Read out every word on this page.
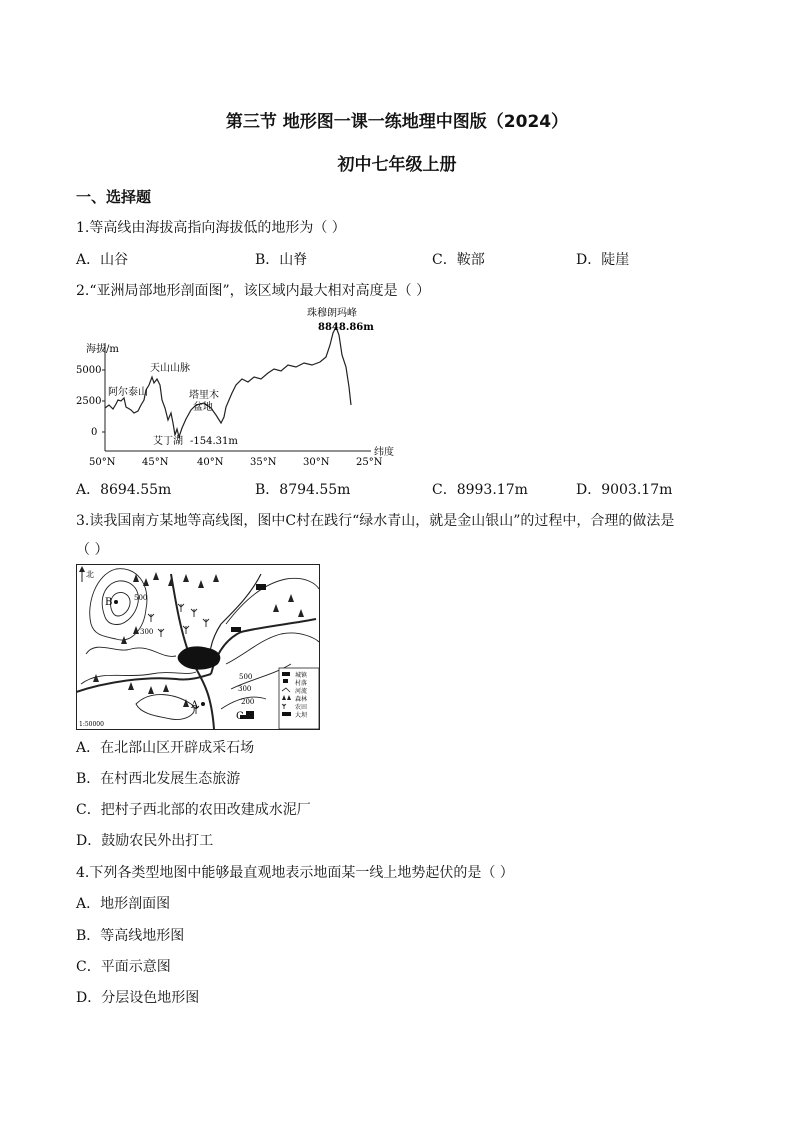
第三节 地形图一课一练地理中图版（2024）
初中七年级上册
一、选择题
1.等高线由海拔高指向海拔低的地形为（ ）
A．山谷	B．山脊	C．鞍部	D．陡崖
2.“亚洲局部地形剖面图”，该区域内最大相对高度是（ ）
海拔/m
5000
2500
0
50°N	45°N	40°N	35°N	30°N	25°N
纬度
珠穆朗玛峰
8848.86m
阿尔泰山
天山山脉
塔里木
盆地
艾丁湖 -154.31m
A．8694.55m	B．8794.55m	C．8993.17m	D．9003.17m
3.读我国南方某地等高线图，图中C村在践行“绿水青山，就是金山银山”的过程中，合理的做法是
（ ）
北
500
300
500
300
200
B
A
C
城镇
村落
河流
森林
农田
大坝
1:50000
A．在北部山区开辟成采石场
B．在村西北发展生态旅游
C．把村子西北部的农田改建成水泥厂
D．鼓励农民外出打工
4.下列各类型地图中能够最直观地表示地面某一线上地势起伏的是（ ）
A．地形剖面图
B．等高线地形图
C．平面示意图
D．分层设色地形图
